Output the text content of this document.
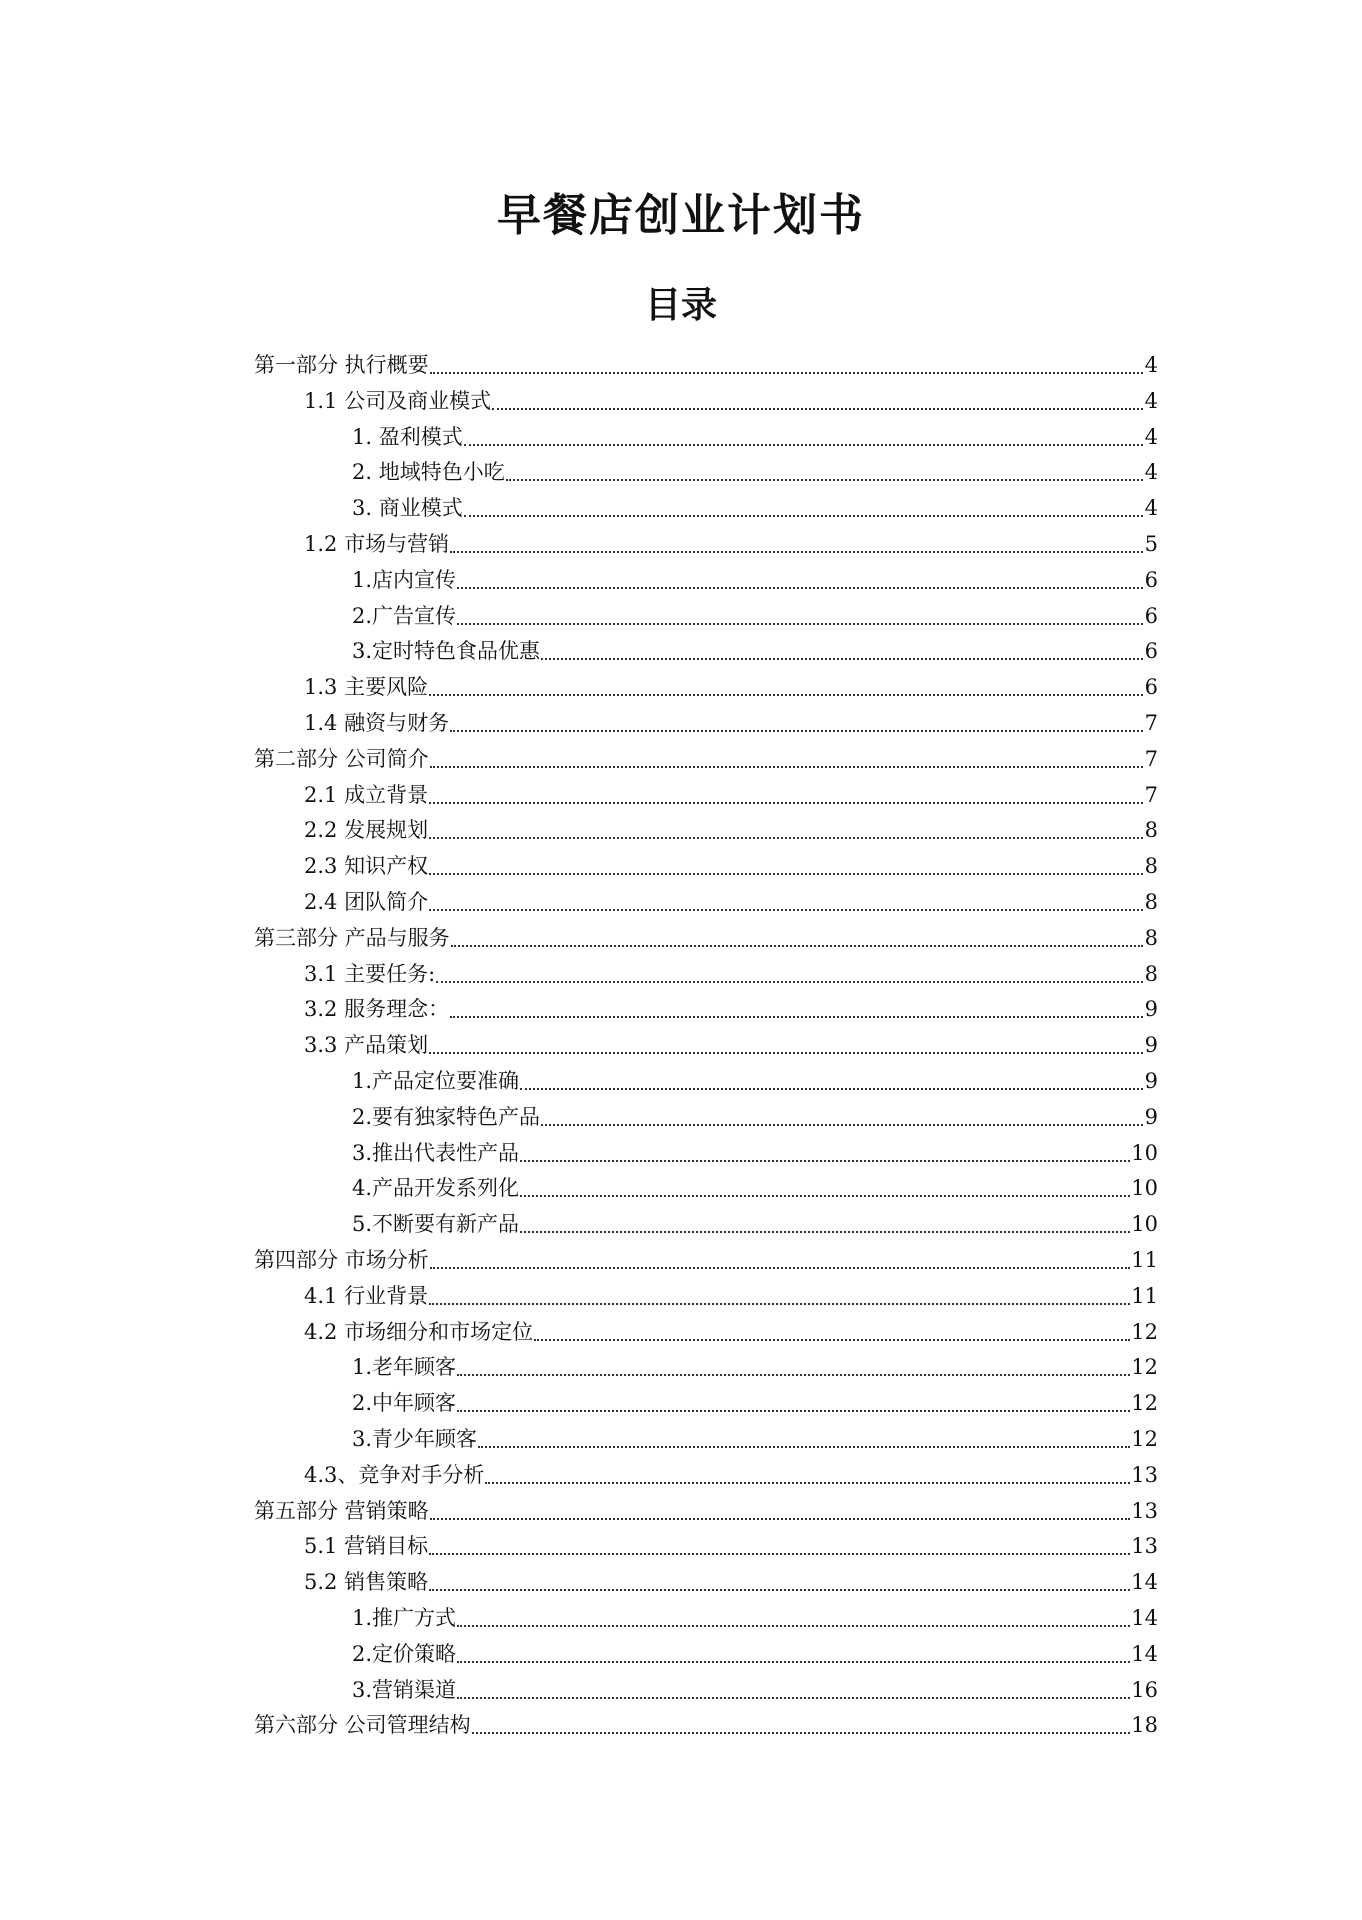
早餐店创业计划书
目录
第一部分 执行概要	4
1.1 公司及商业模式	4
1. 盈利模式	4
2. 地域特色小吃	4
3. 商业模式	4
1.2 市场与营销	5
1.店内宣传	6
2.广告宣传	6
3.定时特色食品优惠	6
1.3 主要风险	6
1.4 融资与财务	7
第二部分 公司简介	7
2.1 成立背景	7
2.2 发展规划	8
2.3 知识产权	8
2.4 团队简介	8
第三部分 产品与服务	8
3.1 主要任务:	8
3.2 服务理念：	9
3.3 产品策划	9
1.产品定位要准确	9
2.要有独家特色产品	9
3.推出代表性产品	10
4.产品开发系列化	10
5.不断要有新产品	10
第四部分 市场分析	11
4.1 行业背景	11
4.2 市场细分和市场定位	12
1.老年顾客	12
2.中年顾客	12
3.青少年顾客	12
4.3、竞争对手分析	13
第五部分 营销策略	13
5.1 营销目标	13
5.2 销售策略	14
1.推广方式	14
2.定价策略	14
3.营销渠道	16
第六部分 公司管理结构	18
